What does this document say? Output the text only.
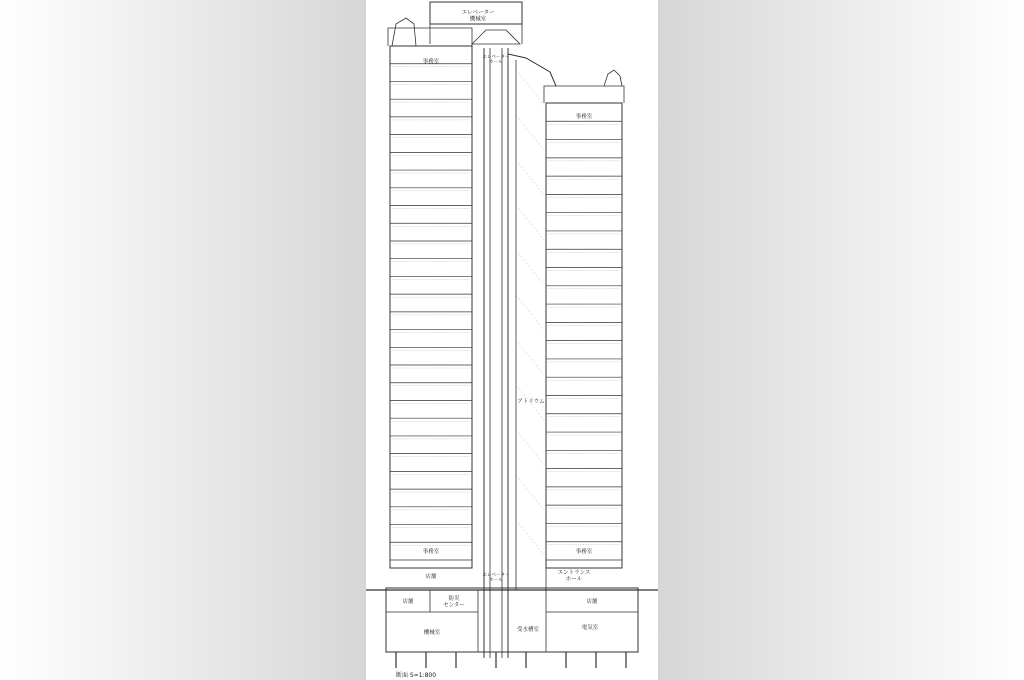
エレベーター機械室
事務室
事務室
エレベーターホール
アトリウム
事務室	事務室
エレベーターホール
エントランスホール
店舗
店舗	防災センター
店舗
機械室	受水槽室	電気室
断面 S=1:800
